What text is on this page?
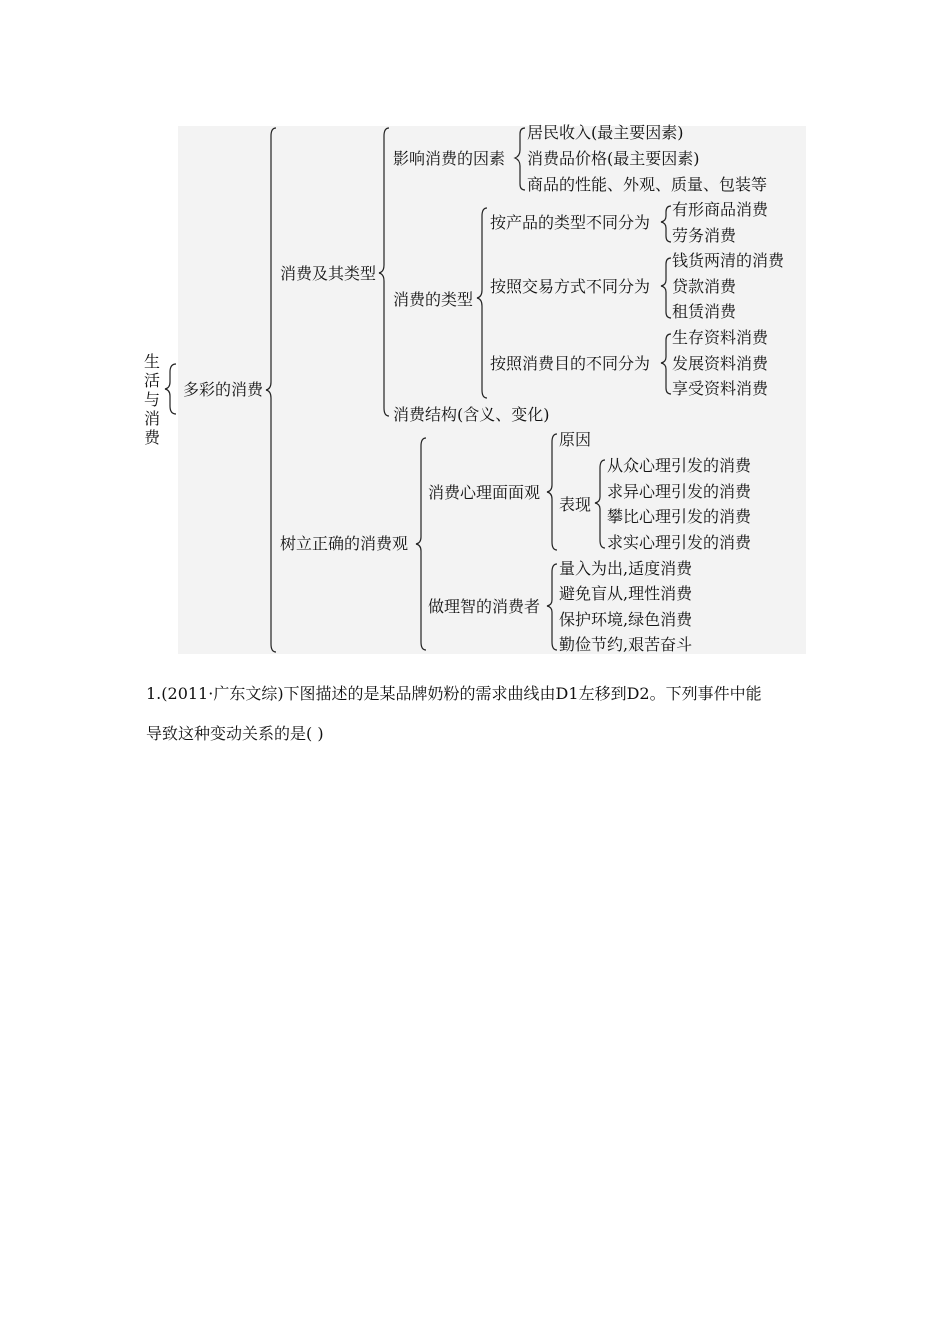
生活与消费
多彩的消费
消费及其类型
影响消费的因素
居民收入(最主要因素)
消费品价格(最主要因素)
商品的性能、外观、质量、包装等
消费的类型
按产品的类型不同分为
有形商品消费
劳务消费
按照交易方式不同分为
钱货两清的消费
贷款消费
租赁消费
按照消费目的不同分为
生存资料消费
发展资料消费
享受资料消费
消费结构(含义、变化)
树立正确的消费观
消费心理面面观
原因
表现
从众心理引发的消费
求异心理引发的消费
攀比心理引发的消费
求实心理引发的消费
做理智的消费者
量入为出,适度消费
避免盲从,理性消费
保护环境,绿色消费
勤俭节约,艰苦奋斗
1.(2011·广东文综)下图描述的是某品牌奶粉的需求曲线由D1左移到D2。下列事件中能
导致这种变动关系的是( )
